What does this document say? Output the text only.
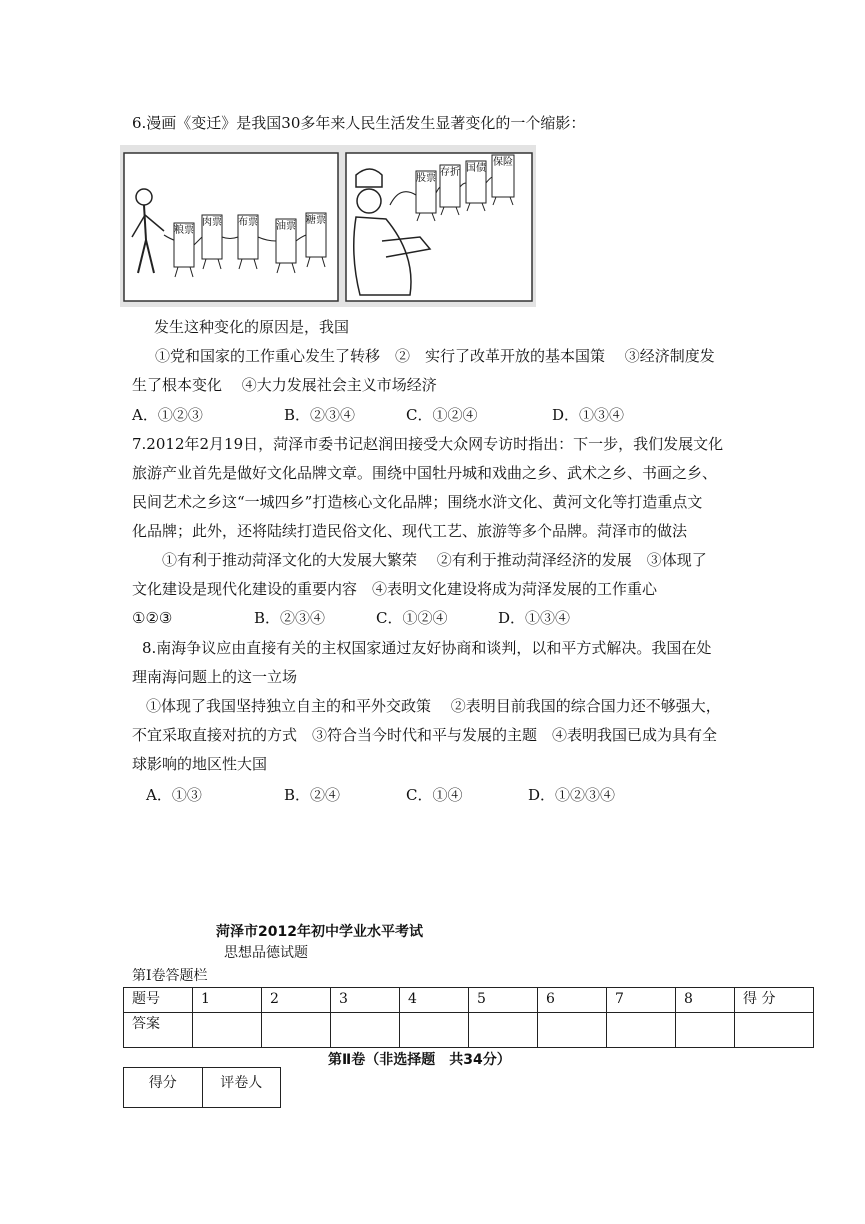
6.漫画《变迁》是我国30多年来人民生活发生显著变化的一个缩影：
粮票
肉票 布票 油票
糖票
股票
存折 国债
保险
发生这种变化的原因是，我国
①党和国家的工作重心发生了转移　②　实行了改革开放的基本国策　 ③经济制度发
生了根本变化　 ④大力发展社会主义市场经济
A．①②③	B．②③④	C．①②④	D．①③④
7.2012年2月19日，菏泽市委书记赵润田接受大众网专访时指出：下一步，我们发展文化
旅游产业首先是做好文化品牌文章。围绕中国牡丹城和戏曲之乡、武术之乡、书画之乡、
民间艺术之乡这“一城四乡”打造核心文化品牌；围绕水浒文化、黄河文化等打造重点文
化品牌；此外，还将陆续打造民俗文化、现代工艺、旅游等多个品牌。菏泽市的做法
①有利于推动菏泽文化的大发展大繁荣　 ②有利于推动菏泽经济的发展　③体现了
文化建设是现代化建设的重要内容　④表明文化建设将成为菏泽发展的工作重心
①②③	B．②③④	C．①②④	D．①③④
8.南海争议应由直接有关的主权国家通过友好协商和谈判，以和平方式解决。我国在处
理南海问题上的这一立场
①体现了我国坚持独立自主的和平外交政策　 ②表明目前我国的综合国力还不够强大，
不宜采取直接对抗的方式　③符合当今时代和平与发展的主题　④表明我国已成为具有全
球影响的地区性大国
A．①③	B．②④	C．①④	D．①②③④
菏泽市2012年初中学业水平考试
思想品德试题
第Ⅰ卷答题栏
题号	1	2	3	4	5	6	7	8	得 分
答案									
第Ⅱ卷（非选择题　共34分）
得分	评卷人
